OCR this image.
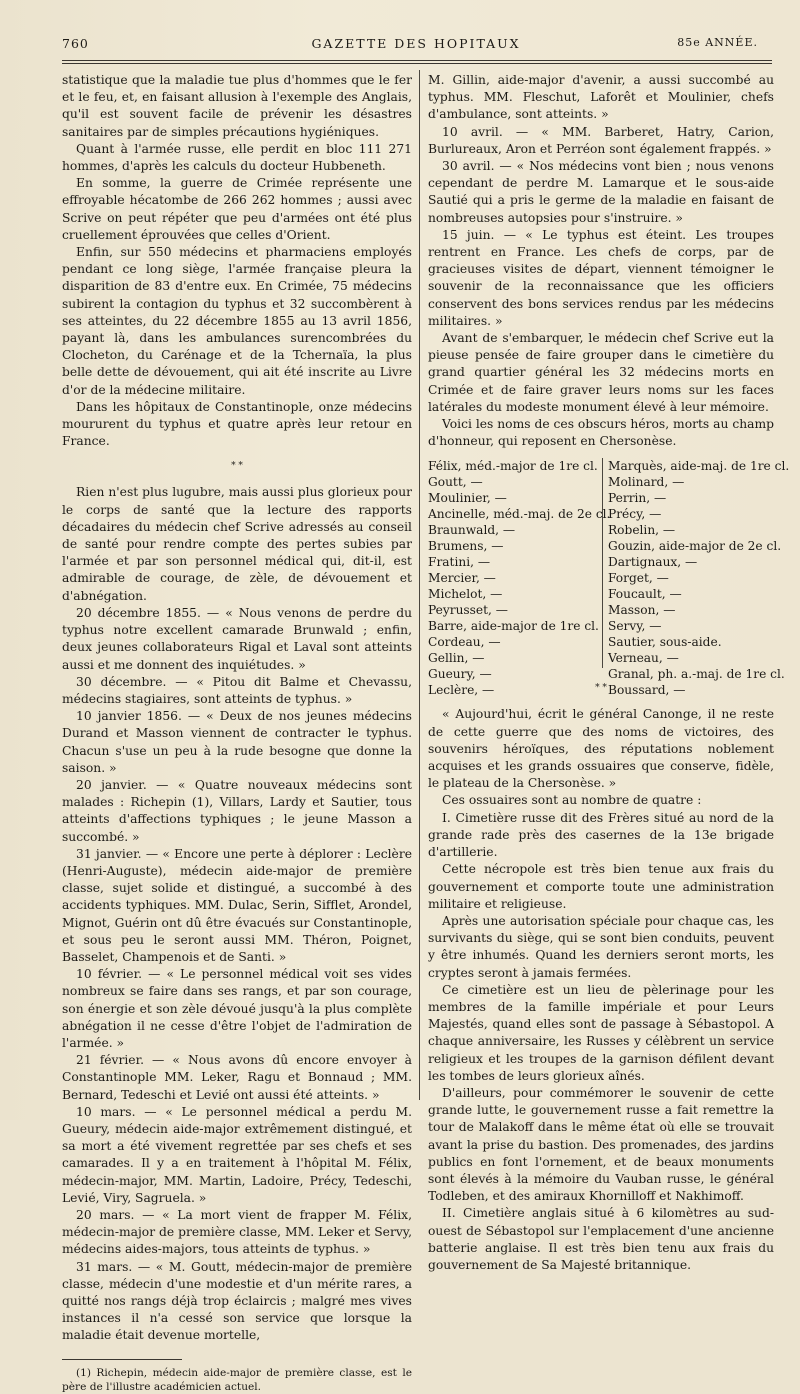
760	GAZETTE DES HOPITAUX	85e ANNÉE.

statistique que la maladie tue plus d'hommes que le fer et le feu, et, en faisant allusion à l'exemple des Anglais, qu'il est souvent facile de prévenir les désastres sanitaires par de simples précautions hygiéniques.

Quant à l'armée russe, elle perdit en bloc 111 271 hommes, d'après les calculs du docteur Hubbeneth.

En somme, la guerre de Crimée représente une effroyable hécatombe de 266 262 hommes ; aussi avec Scrive on peut répéter que peu d'armées ont été plus cruellement éprouvées que celles d'Orient.

Enfin, sur 550 médecins et pharmaciens employés pendant ce long siège, l'armée française pleura la disparition de 83 d'entre eux. En Crimée, 75 médecins subirent la contagion du typhus et 32 succombèrent à ses atteintes, du 22 décembre 1855 au 13 avril 1856, payant là, dans les ambulances surencombrées du Clocheton, du Carénage et de la Tchernaïa, la plus belle dette de dévouement, qui ait été inscrite au Livre d'or de la médecine militaire.

Dans les hôpitaux de Constantinople, onze médecins moururent du typhus et quatre après leur retour en France.

* *

Rien n'est plus lugubre, mais aussi plus glorieux pour le corps de santé que la lecture des rapports décadaires du médecin chef Scrive adressés au conseil de santé pour rendre compte des pertes subies par l'armée et par son personnel médical qui, dit-il, est admirable de courage, de zèle, de dévouement et d'abnégation.

20 décembre 1855. — « Nous venons de perdre du typhus notre excellent camarade Brunwald ; enfin, deux jeunes collaborateurs Rigal et Laval sont atteints aussi et me donnent des inquiétudes. »

30 décembre. — « Pitou dit Balme et Chevassu, médecins stagiaires, sont atteints de typhus. »

10 janvier 1856. — « Deux de nos jeunes médecins Durand et Masson viennent de contracter le typhus. Chacun s'use un peu à la rude besogne que donne la saison. »

20 janvier. — « Quatre nouveaux médecins sont malades : Richepin (1), Villars, Lardy et Sautier, tous atteints d'affections typhiques ; le jeune Masson a succombé. »

31 janvier. — « Encore une perte à déplorer : Leclère (Henri-Auguste), médecin aide-major de première classe, sujet solide et distingué, a succombé à des accidents typhiques. MM. Dulac, Serin, Sifflet, Arondel, Mignot, Guérin ont dû être évacués sur Constantinople, et sous peu le seront aussi MM. Théron, Poignet, Basselet, Champenois et de Santi. »

10 février. — « Le personnel médical voit ses vides nombreux se faire dans ses rangs, et par son courage, son énergie et son zèle dévoué jusqu'à la plus complète abnégation il ne cesse d'être l'objet de l'admiration de l'armée. »

21 février. — « Nous avons dû encore envoyer à Constantinople MM. Leker, Ragu et Bonnaud ; MM. Bernard, Tedeschi et Levié ont aussi été atteints. »

10 mars. — « Le personnel médical a perdu M. Gueury, médecin aide-major extrêmement distingué, et sa mort a été vivement regrettée par ses chefs et ses camarades. Il y a en traitement à l'hôpital M. Félix, médecin-major, MM. Martin, Ladoire, Précy, Tedeschi, Levié, Viry, Sagruela. »

20 mars. — « La mort vient de frapper M. Félix, médecin-major de première classe, MM. Leker et Servy, médecins aides-majors, tous atteints de typhus. »

31 mars. — « M. Goutt, médecin-major de première classe, médecin d'une modestie et d'un mérite rares, a quitté nos rangs déjà trop éclaircis ; malgré mes vives instances il n'a cessé son service que lorsque la maladie était devenue mortelle,

(1) Richepin, médecin aide-major de première classe, est le père de l'illustre académicien actuel.

M. Gillin, aide-major d'avenir, a aussi succombé au typhus. MM. Fleschut, Laforêt et Moulinier, chefs d'ambulance, sont atteints. »

10 avril. — « MM. Barberet, Hatry, Carion, Burlureaux, Aron et Perréon sont également frappés. »

30 avril. — « Nos médecins vont bien ; nous venons cependant de perdre M. Lamarque et le sous-aide Sautié qui a pris le germe de la maladie en faisant de nombreuses autopsies pour s'instruire. »

15 juin. — « Le typhus est éteint. Les troupes rentrent en France. Les chefs de corps, par de gracieuses visites de départ, viennent témoigner le souvenir de la reconnaissance que les officiers conservent des bons services rendus par les médecins militaires. »

Avant de s'embarquer, le médecin chef Scrive eut la pieuse pensée de faire grouper dans le cimetière du grand quartier général les 32 médecins morts en Crimée et de faire graver leurs noms sur les faces latérales du modeste monument élevé à leur mémoire.

Voici les noms de ces obscurs héros, morts au champ d'honneur, qui reposent en Chersonèse.

Félix, méd.-major de 1re cl.
Goutt, —
Moulinier, —
Ancinelle, méd.-maj. de 2e cl.
Braunwald, —
Brumens, —
Fratini, —
Mercier, —
Michelot, —
Peyrusset, —
Barre, aide-major de 1re cl.
Cordeau, —
Gellin, —
Gueury, —
Leclère, —
Marquès, aide-maj. de 1re cl.
Molinard, —
Perrin, —
Précy, —
Robelin, —
Gouzin, aide-major de 2e cl.
Dartignaux, —
Forget, —
Foucault, —
Masson, —
Servy, —
Sautier, sous-aide.
Verneau, —
Granal, ph. a.-maj. de 1re cl.
Boussard, —
* *

« Aujourd'hui, écrit le général Canonge, il ne reste de cette guerre que des noms de victoires, des souvenirs héroïques, des réputations noblement acquises et les grands ossuaires que conserve, fidèle, le plateau de la Chersonèse. »

Ces ossuaires sont au nombre de quatre :

I. Cimetière russe dit des Frères situé au nord de la grande rade près des casernes de la 13e brigade d'artillerie.

Cette nécropole est très bien tenue aux frais du gouvernement et comporte toute une administration militaire et religieuse.

Après une autorisation spéciale pour chaque cas, les survivants du siège, qui se sont bien conduits, peuvent y être inhumés. Quand les derniers seront morts, les cryptes seront à jamais fermées.

Ce cimetière est un lieu de pèlerinage pour les membres de la famille impériale et pour Leurs Majestés, quand elles sont de passage à Sébastopol. A chaque anniversaire, les Russes y célèbrent un service religieux et les troupes de la garnison défilent devant les tombes de leurs glorieux aînés.

D'ailleurs, pour commémorer le souvenir de cette grande lutte, le gouvernement russe a fait remettre la tour de Malakoff dans le même état où elle se trouvait avant la prise du bastion. Des promenades, des jardins publics en font l'ornement, et de beaux monuments sont élevés à la mémoire du Vauban russe, le général Todleben, et des amiraux Khornilloff et Nakhimoff.

II. Cimetière anglais situé à 6 kilomètres au sud-ouest de Sébastopol sur l'emplacement d'une ancienne batterie anglaise. Il est très bien tenu aux frais du gouvernement de Sa Majesté britannique.
